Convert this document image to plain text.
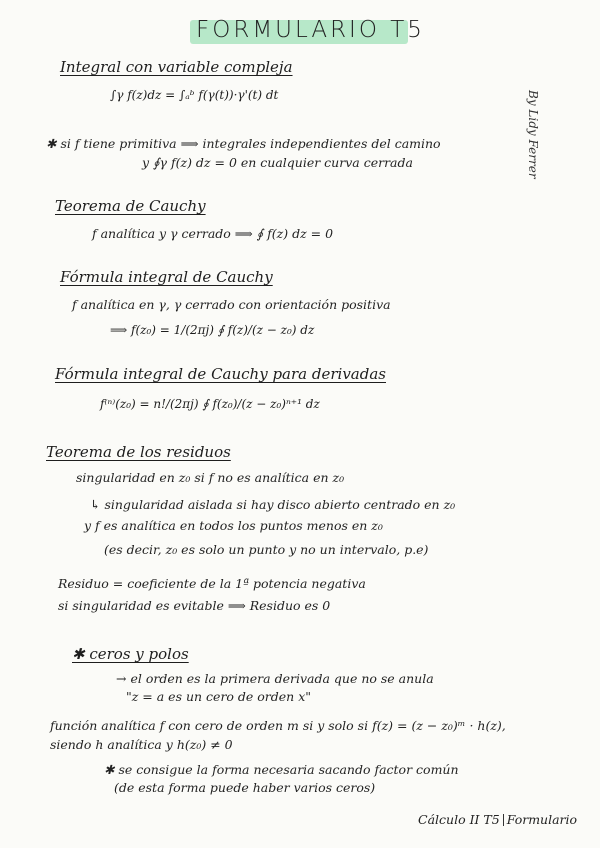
FORMULARIO T5
By Lidy Ferrer
Integral con variable compleja
∫γ f(z)dz = ∫ₐᵇ f(γ(t))·γ'(t) dt
✱ si f tiene primitiva ⟹ integrales independientes del camino
y ∮γ f(z) dz = 0 en cualquier curva cerrada
Teorema de Cauchy
f analítica y γ cerrado ⟹ ∮ f(z) dz = 0
Fórmula integral de Cauchy
f analítica en γ, γ cerrado con orientación positiva
⟹ f(z₀) = 1/(2πj) ∮ f(z)/(z − z₀) dz
Fórmula integral de Cauchy para derivadas
f⁽ⁿ⁾(z₀) = n!/(2πj) ∮ f(z₀)/(z − z₀)ⁿ⁺¹ dz
Teorema de los residuos
singularidad en z₀ si f no es analítica en z₀
↳ singularidad aislada si hay disco abierto centrado en z₀
y f es analítica en todos los puntos menos en z₀
(es decir, z₀ es solo un punto y no un intervalo, p.e)
Residuo = coeficiente de la 1ª potencia negativa
si singularidad es evitable ⟹ Residuo es 0
✱ ceros y polos
→ el orden es la primera derivada que no se anula
"z = a es un cero de orden x"
función analítica f con cero de orden m si y solo si f(z) = (z − z₀)ᵐ · h(z),
siendo h analítica y h(z₀) ≠ 0
✱ se consigue la forma necesaria sacando factor común
(de esta forma puede haber varios ceros)
Cálculo II T5 Formulario
